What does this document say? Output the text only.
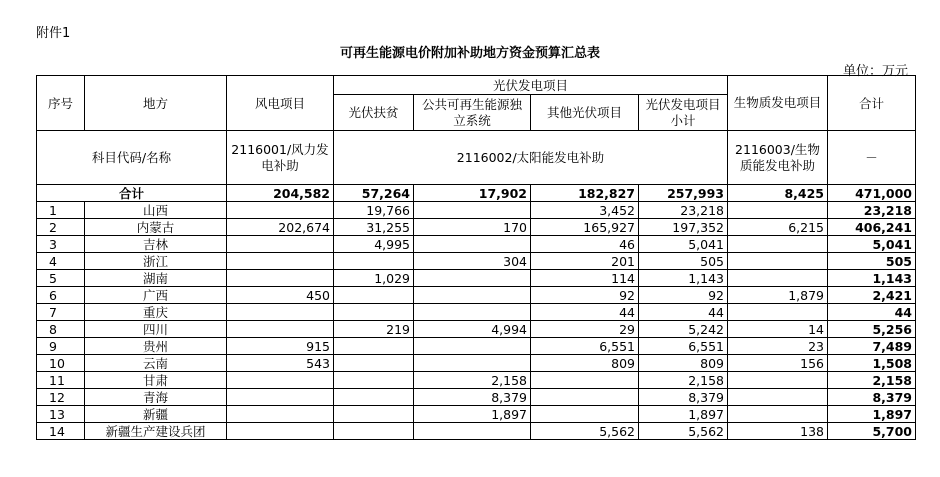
附件1
可再生能源电价附加补助地方资金预算汇总表
单位：万元
序号	地方	风电项目	光伏发电项目				生物质发电项目	合计
			光伏扶贫	公共可再生能源独立系统	其他光伏项目	光伏发电项目小计		
科目代码/名称		2116001/风力发电补助	2116002/太阳能发电补助				2116003/生物质能发电补助	－
合计		204,582	57,264	17,902	182,827	257,993	8,425	471,000
1	山西		19,766		3,452	23,218		23,218
2	内蒙古	202,674	31,255	170	165,927	197,352	6,215	406,241
3	吉林		4,995		46	5,041		5,041
4	浙江			304	201	505		505
5	湖南		1,029		114	1,143		1,143
6	广西	450			92	92	1,879	2,421
7	重庆				44	44		44
8	四川		219	4,994	29	5,242	14	5,256
9	贵州	915			6,551	6,551	23	7,489
10	云南	543			809	809	156	1,508
11	甘肃			2,158		2,158		2,158
12	青海			8,379		8,379		8,379
13	新疆			1,897		1,897		1,897
14	新疆生产建设兵团				5,562	5,562	138	5,700
